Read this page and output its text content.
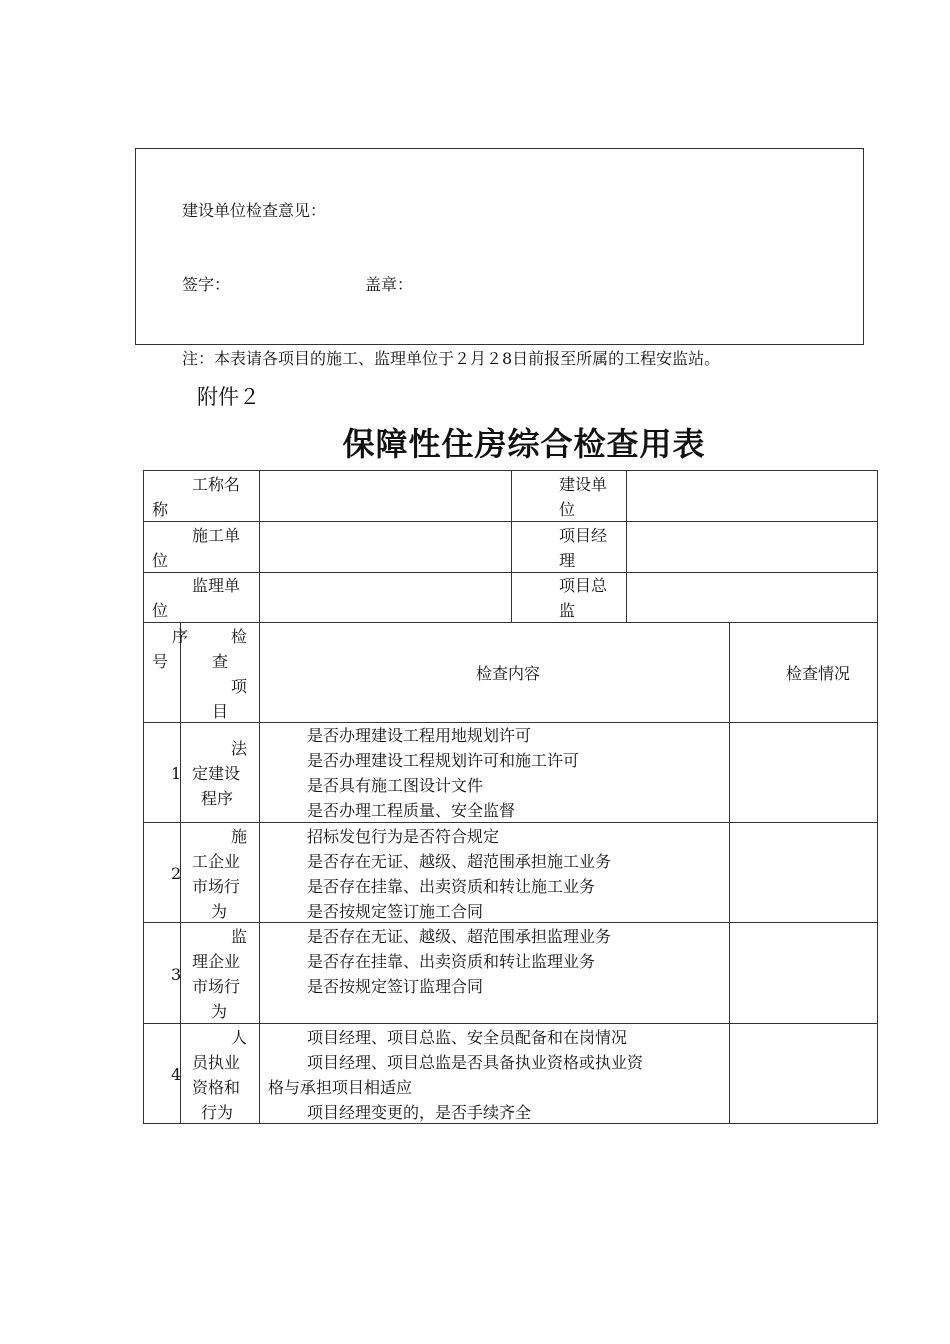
建设单位检查意见：
签字：	盖章：
注：本表请各项目的施工、监理单位于２月２8日前报至所属的工程安监站。
附件２
保障性住房综合检查用表
工称名
称
建设单
位
施工单
位
项目经
理
监理单
位
项目总
监
序
号
检
查
项
目
检查内容	检查情况
1
法
定建设
程序
是否办理建设工程用地规划许可
是否办理建设工程规划许可和施工许可
是否具有施工图设计文件
是否办理工程质量、安全监督
2
施
工企业
市场行
为
招标发包行为是否符合规定
是否存在无证、越级、超范围承担施工业务
是否存在挂靠、出卖资质和转让施工业务
是否按规定签订施工合同
3
监
理企业
市场行
为
是否存在无证、越级、超范围承担监理业务
是否存在挂靠、出卖资质和转让监理业务
是否按规定签订监理合同
4
人
员执业
资格和
行为
项目经理、项目总监、安全员配备和在岗情况
项目经理、项目总监是否具备执业资格或执业资
格与承担项目相适应
项目经理变更的，是否手续齐全
